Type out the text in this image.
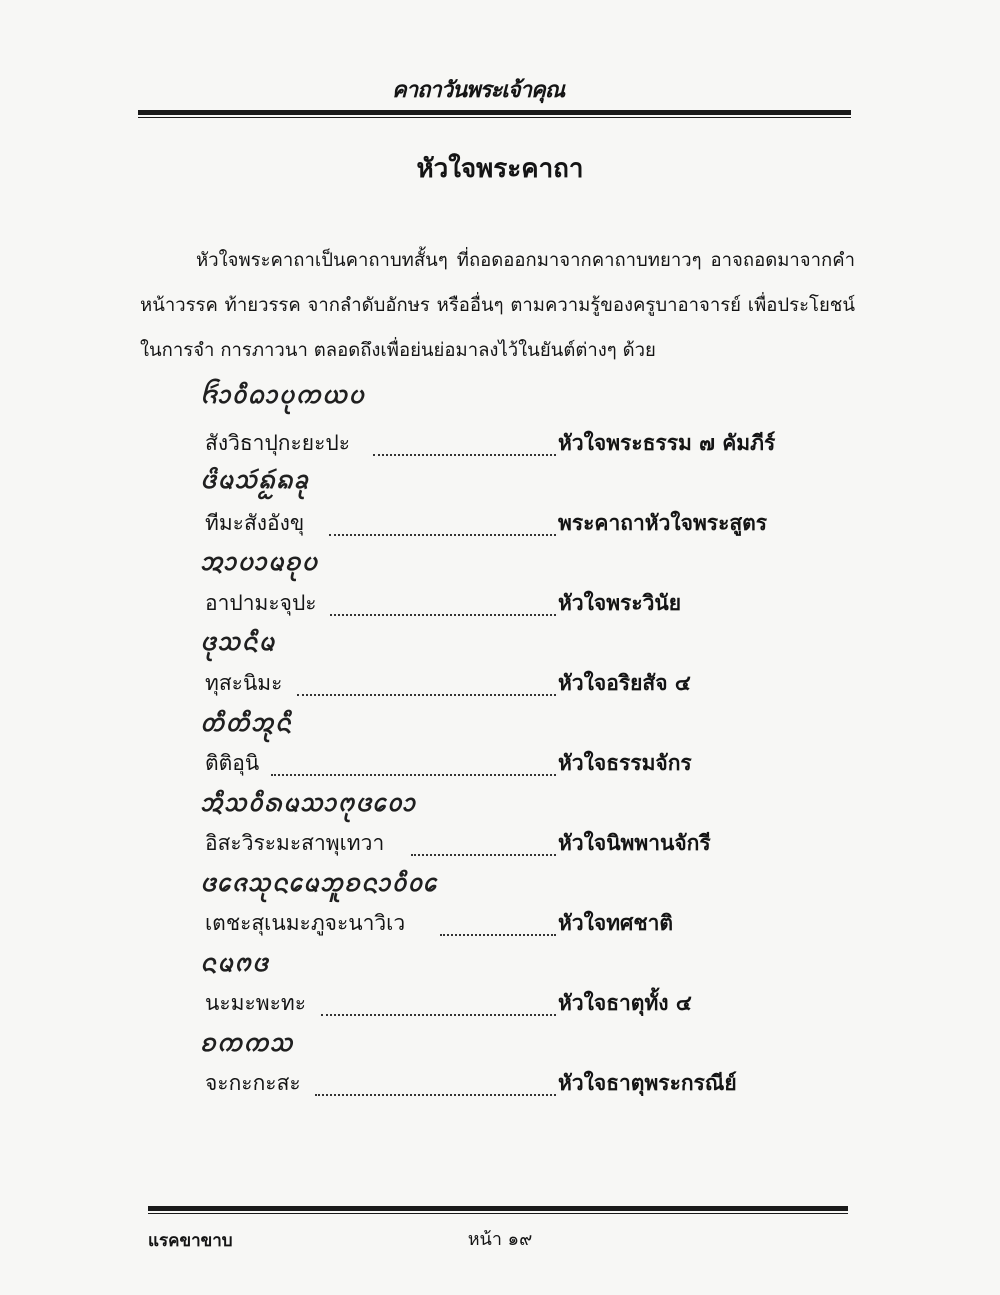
คาถาวันพระเจ้าคุณ
หัวใจพระคาถา
หัวใจพระคาถาเป็นคาถาบทสั้นๆ ที่ถอดออกมาจากคาถาบทยาวๆ อาจถอดมาจากคำหน้าวรรค ท้ายวรรค จากลำดับอักษร หรืออื่นๆ ตามความรู้ของครูบาอาจารย์ เพื่อประโยชน์ในการจำ การภาวนา ตลอดถึงเพื่อย่นย่อมาลงไว้ในยันต์ต่างๆ ด้วย
ᨪᩢᩣᩅᩥᨵᩣᨷᩩᨠᨿᨷ
สังวิธาปุกะยะปะ	หัวใจพระธรรม ๗ คัมภีร์
ᨴᩦᨾᩈᩢᨦᩬᩢᨦᨡᩩ
ทีมะสังอังขุ	พระคาถาหัวใจพระสูตร
ᩋᩣᨷᩣᨾᨧᩩᨷ
อาปามะจุปะ	หัวใจพระวินัย
ᨴᩩᩈᨶᩥᨾ
ทุสะนิมะ	หัวใจอริยสัจ ๔
ᨲᩥᨲᩥᩋᩩᨶᩥ
ติติอุนิ	หัวใจธรรมจักร
ᩋᩥᩈᩅᩥᩁᨾᩈᩣᨻᩩᨴᩮᩅᩣ
อิสะวิระมะสาพุเทวา	หัวใจนิพพานจักรี
ᨴᩮᨩᩈᩩᨶᩮᨾᨽᩪᨧᨶᩣᩅᩥᩅᩮ
เตชะสุเนมะภูจะนาวิเว	หัวใจทศชาติ
ᨶᨾᨻᨴ
นะมะพะทะ	หัวใจธาตุทั้ง ๔
ᨧᨠᨠᩈ
จะกะกะสะ	หัวใจธาตุพระกรณีย์
แรคขาขาบ	หน้า ๑๙
